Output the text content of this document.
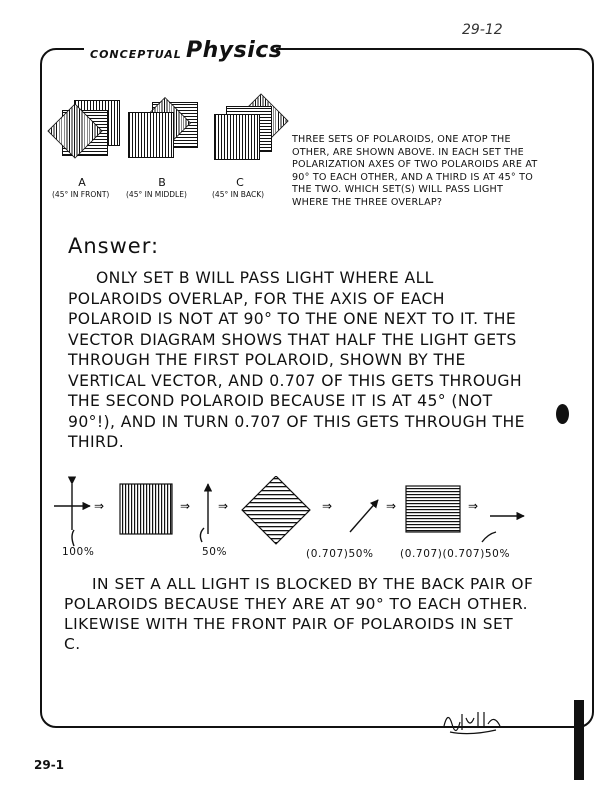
CONCEPTUAL Physics
29-12
A
(45° IN FRONT)
B
(45° IN MIDDLE)
C
(45° IN BACK)
THREE SETS OF POLAROIDS, ONE ATOP THE OTHER, ARE SHOWN ABOVE. IN EACH SET THE POLARIZATION AXES OF TWO POLAROIDS ARE AT 90° TO EACH OTHER, AND A THIRD IS AT 45° TO THE TWO. WHICH SET(S) WILL PASS LIGHT WHERE THE THREE OVERLAP?
Answer:
ONLY SET B WILL PASS LIGHT WHERE ALL POLAROIDS OVERLAP, FOR THE AXIS OF EACH POLAROID IS NOT AT 90° TO THE ONE NEXT TO IT. THE VECTOR DIAGRAM SHOWS THAT HALF THE LIGHT GETS THROUGH THE FIRST POLAROID, SHOWN BY THE VERTICAL VECTOR, AND 0.707 OF THIS GETS THROUGH THE SECOND POLAROID BECAUSE IT IS AT 45° (NOT 90°!), AND IN TURN 0.707 OF THIS GETS THROUGH THE THIRD.
⇒	⇒ ⇒	⇒	⇒	⇒
100%	50%	(0.707)50%	(0.707)(0.707)50%
IN SET A ALL LIGHT IS BLOCKED BY THE BACK PAIR OF POLAROIDS BECAUSE THEY ARE AT 90° TO EACH OTHER. LIKEWISE WITH THE FRONT PAIR OF POLAROIDS IN SET C.
29-1
